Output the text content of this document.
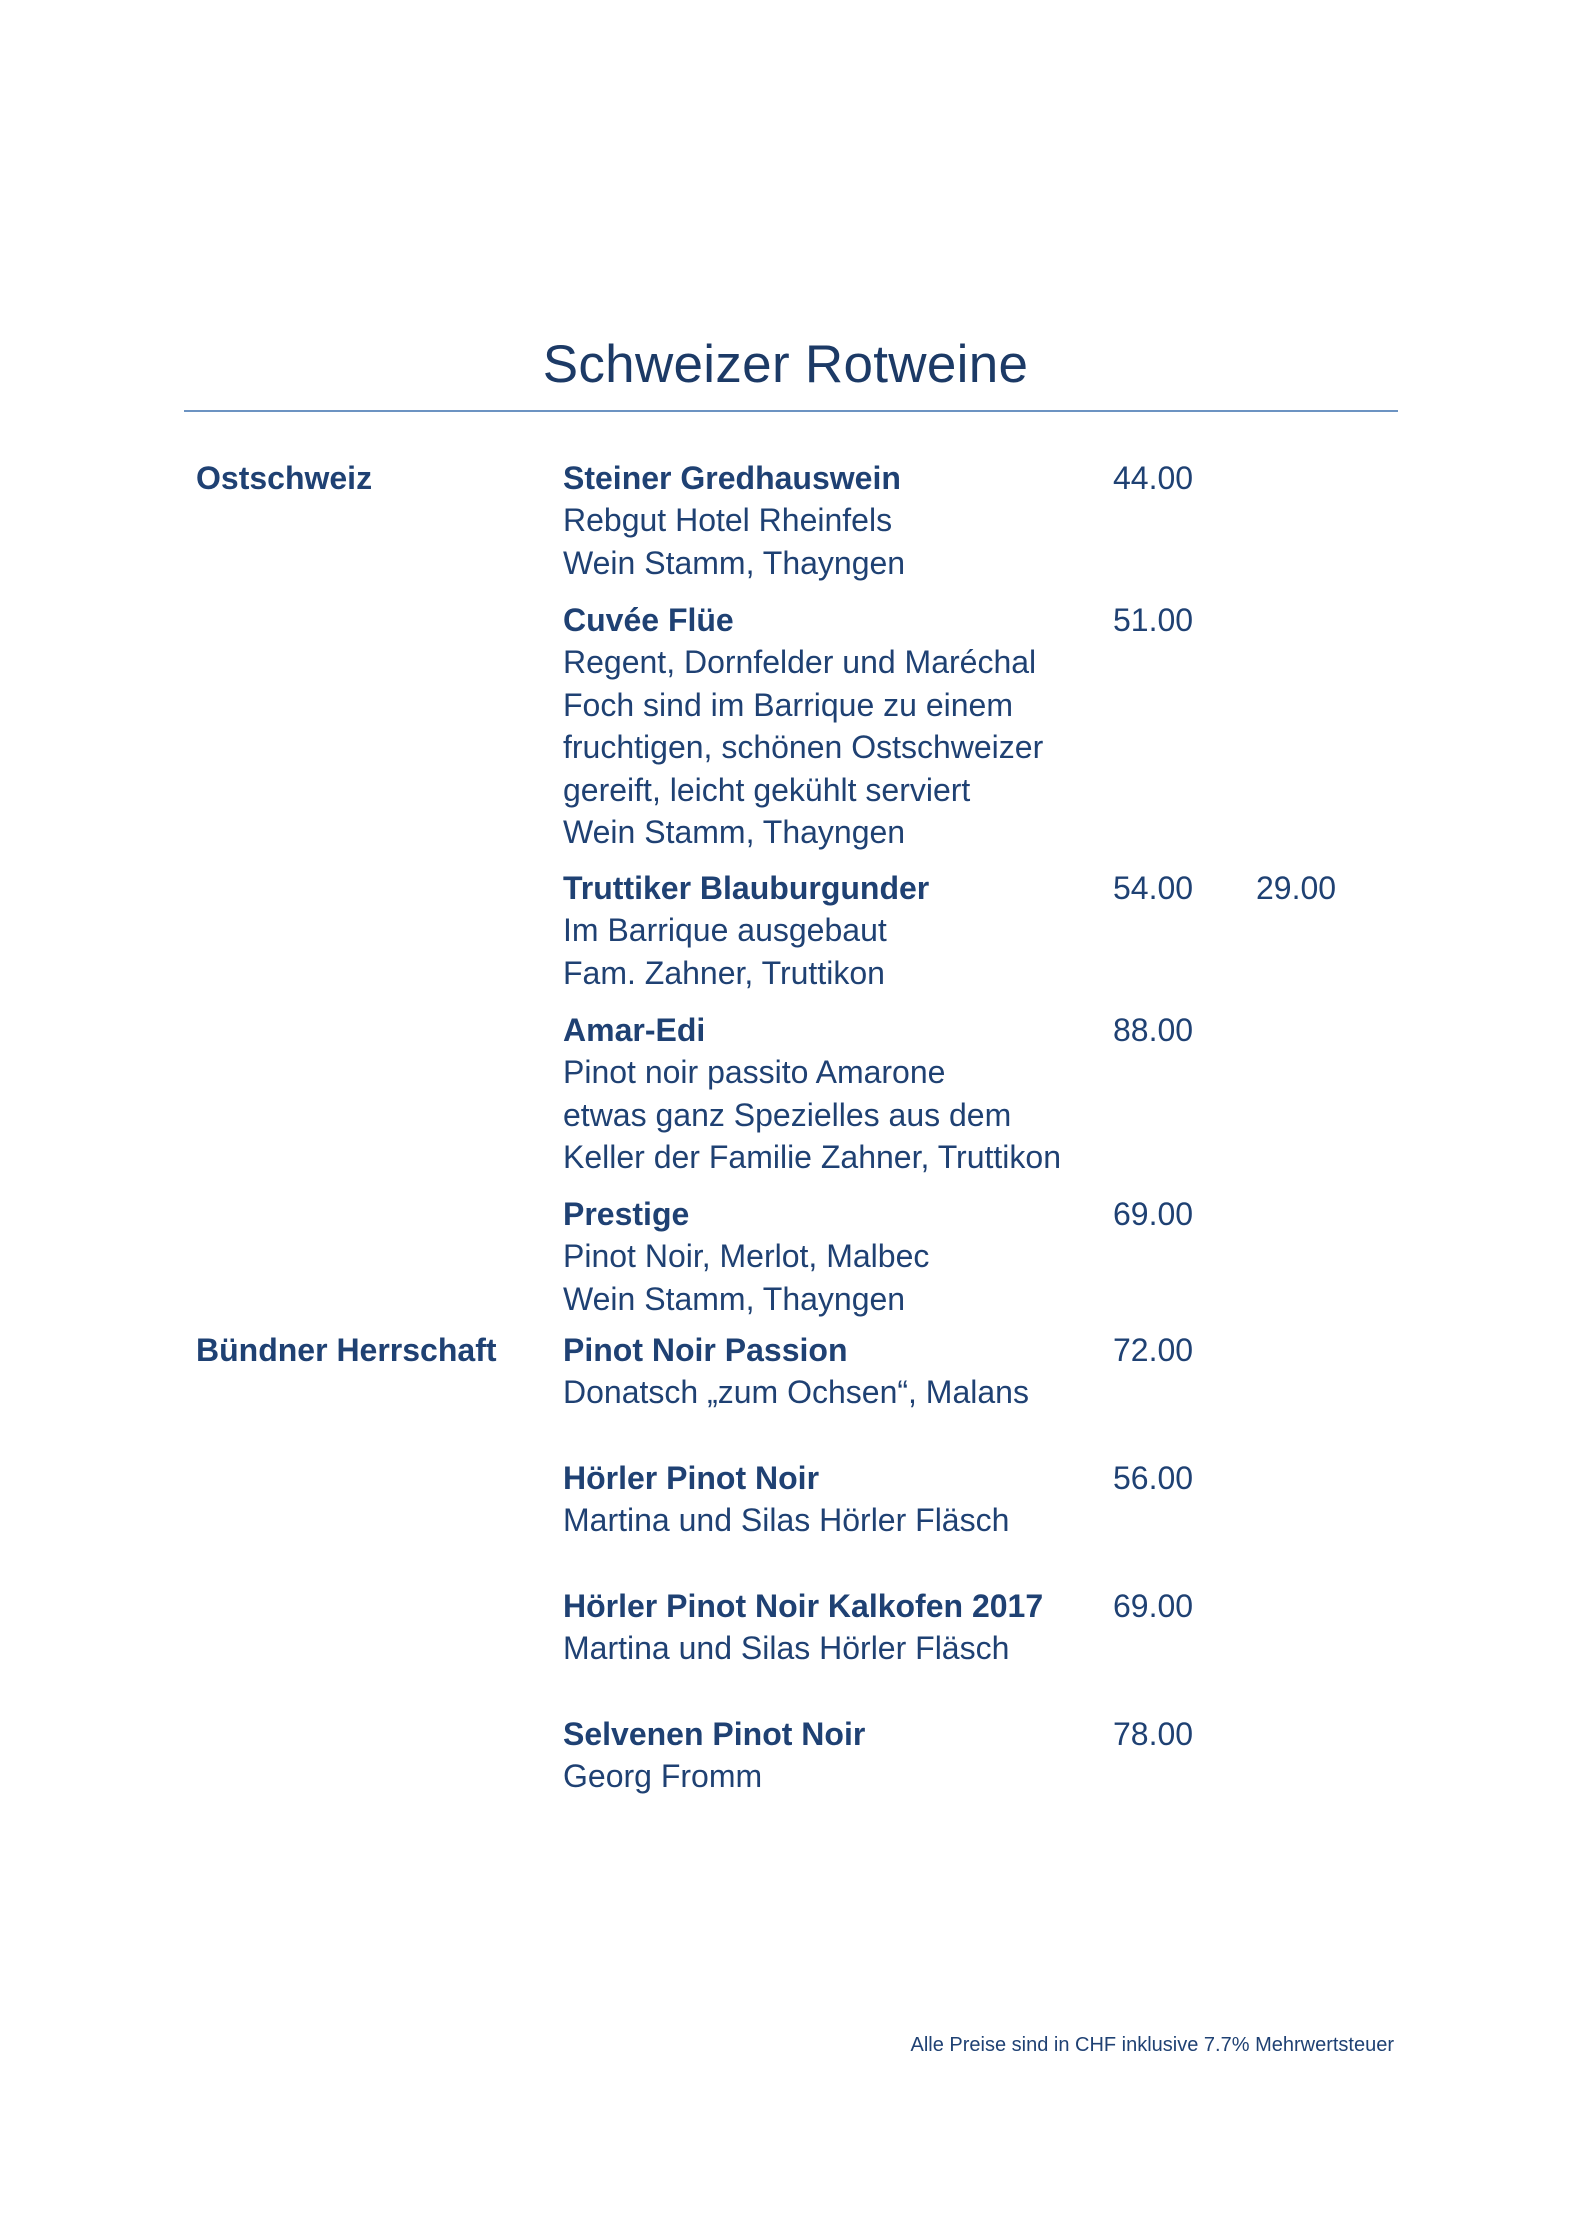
Schweizer Rotweine
Ostschweiz
Bündner Herrschaft
Steiner Gredhauswein
Rebgut Hotel Rheinfels
Wein Stamm, Thayngen
44.00
Cuvée Flüe
Regent, Dornfelder und Maréchal
Foch sind im Barrique zu einem
fruchtigen, schönen Ostschweizer
gereift, leicht gekühlt serviert
Wein Stamm, Thayngen
51.00
Truttiker Blauburgunder
Im Barrique ausgebaut
Fam. Zahner, Truttikon
54.00 29.00
Amar-Edi
Pinot noir passito Amarone
etwas ganz Spezielles aus dem
Keller der Familie Zahner, Truttikon
88.00
Prestige
Pinot Noir, Merlot, Malbec
Wein Stamm, Thayngen
69.00
Pinot Noir Passion
Donatsch „zum Ochsen“, Malans
72.00
Hörler Pinot Noir
Martina und Silas Hörler Fläsch
56.00
Hörler Pinot Noir Kalkofen 2017
Martina und Silas Hörler Fläsch
69.00
Selvenen Pinot Noir
Georg Fromm
78.00
Alle Preise sind in CHF inklusive 7.7% Mehrwertsteuer
